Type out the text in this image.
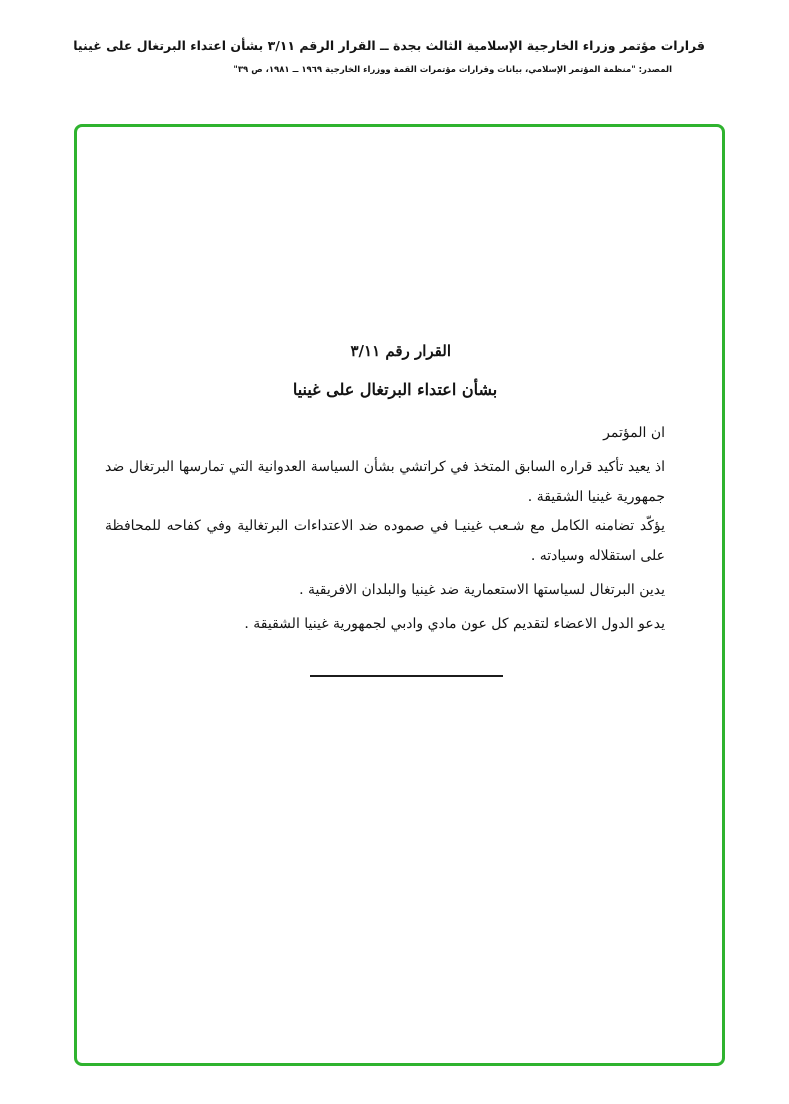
قرارات مؤتمر وزراء الخارجية الإسلامية الثالث بجدة ــ القرار الرقم ٣/١١ بشأن اعتداء البرتغال على غينيا
المصدر: "منظمة المؤتمر الإسلامي، بيانات وقرارات مؤتمرات القمة ووزراء الخارجية ١٩٦٩ ــ ١٩٨١، ص ٣٩"
القرار رقم ٣/١١
بشأن اعتداء البرتغال على غينيا
ان المؤتمر
اذ يعيد تأكيد قراره السابق المتخذ في كراتشي بشأن السياسة العدوانية التي تمارسها البرتغال ضد جمهورية غينيا الشقيقة .
يؤكّد تضامنه الكامل مع شـعب غينيـا في صموده ضد الاعتداءات البرتغالية وفي كفاحه للمحافظة على استقلاله وسيادته .
يدين البرتغال لسياستها الاستعمارية ضد غينيا والبلدان الافريقية .
يدعو الدول الاعضاء لتقديم كل عون مادي وادبي لجمهورية غينيا الشقيقة .
